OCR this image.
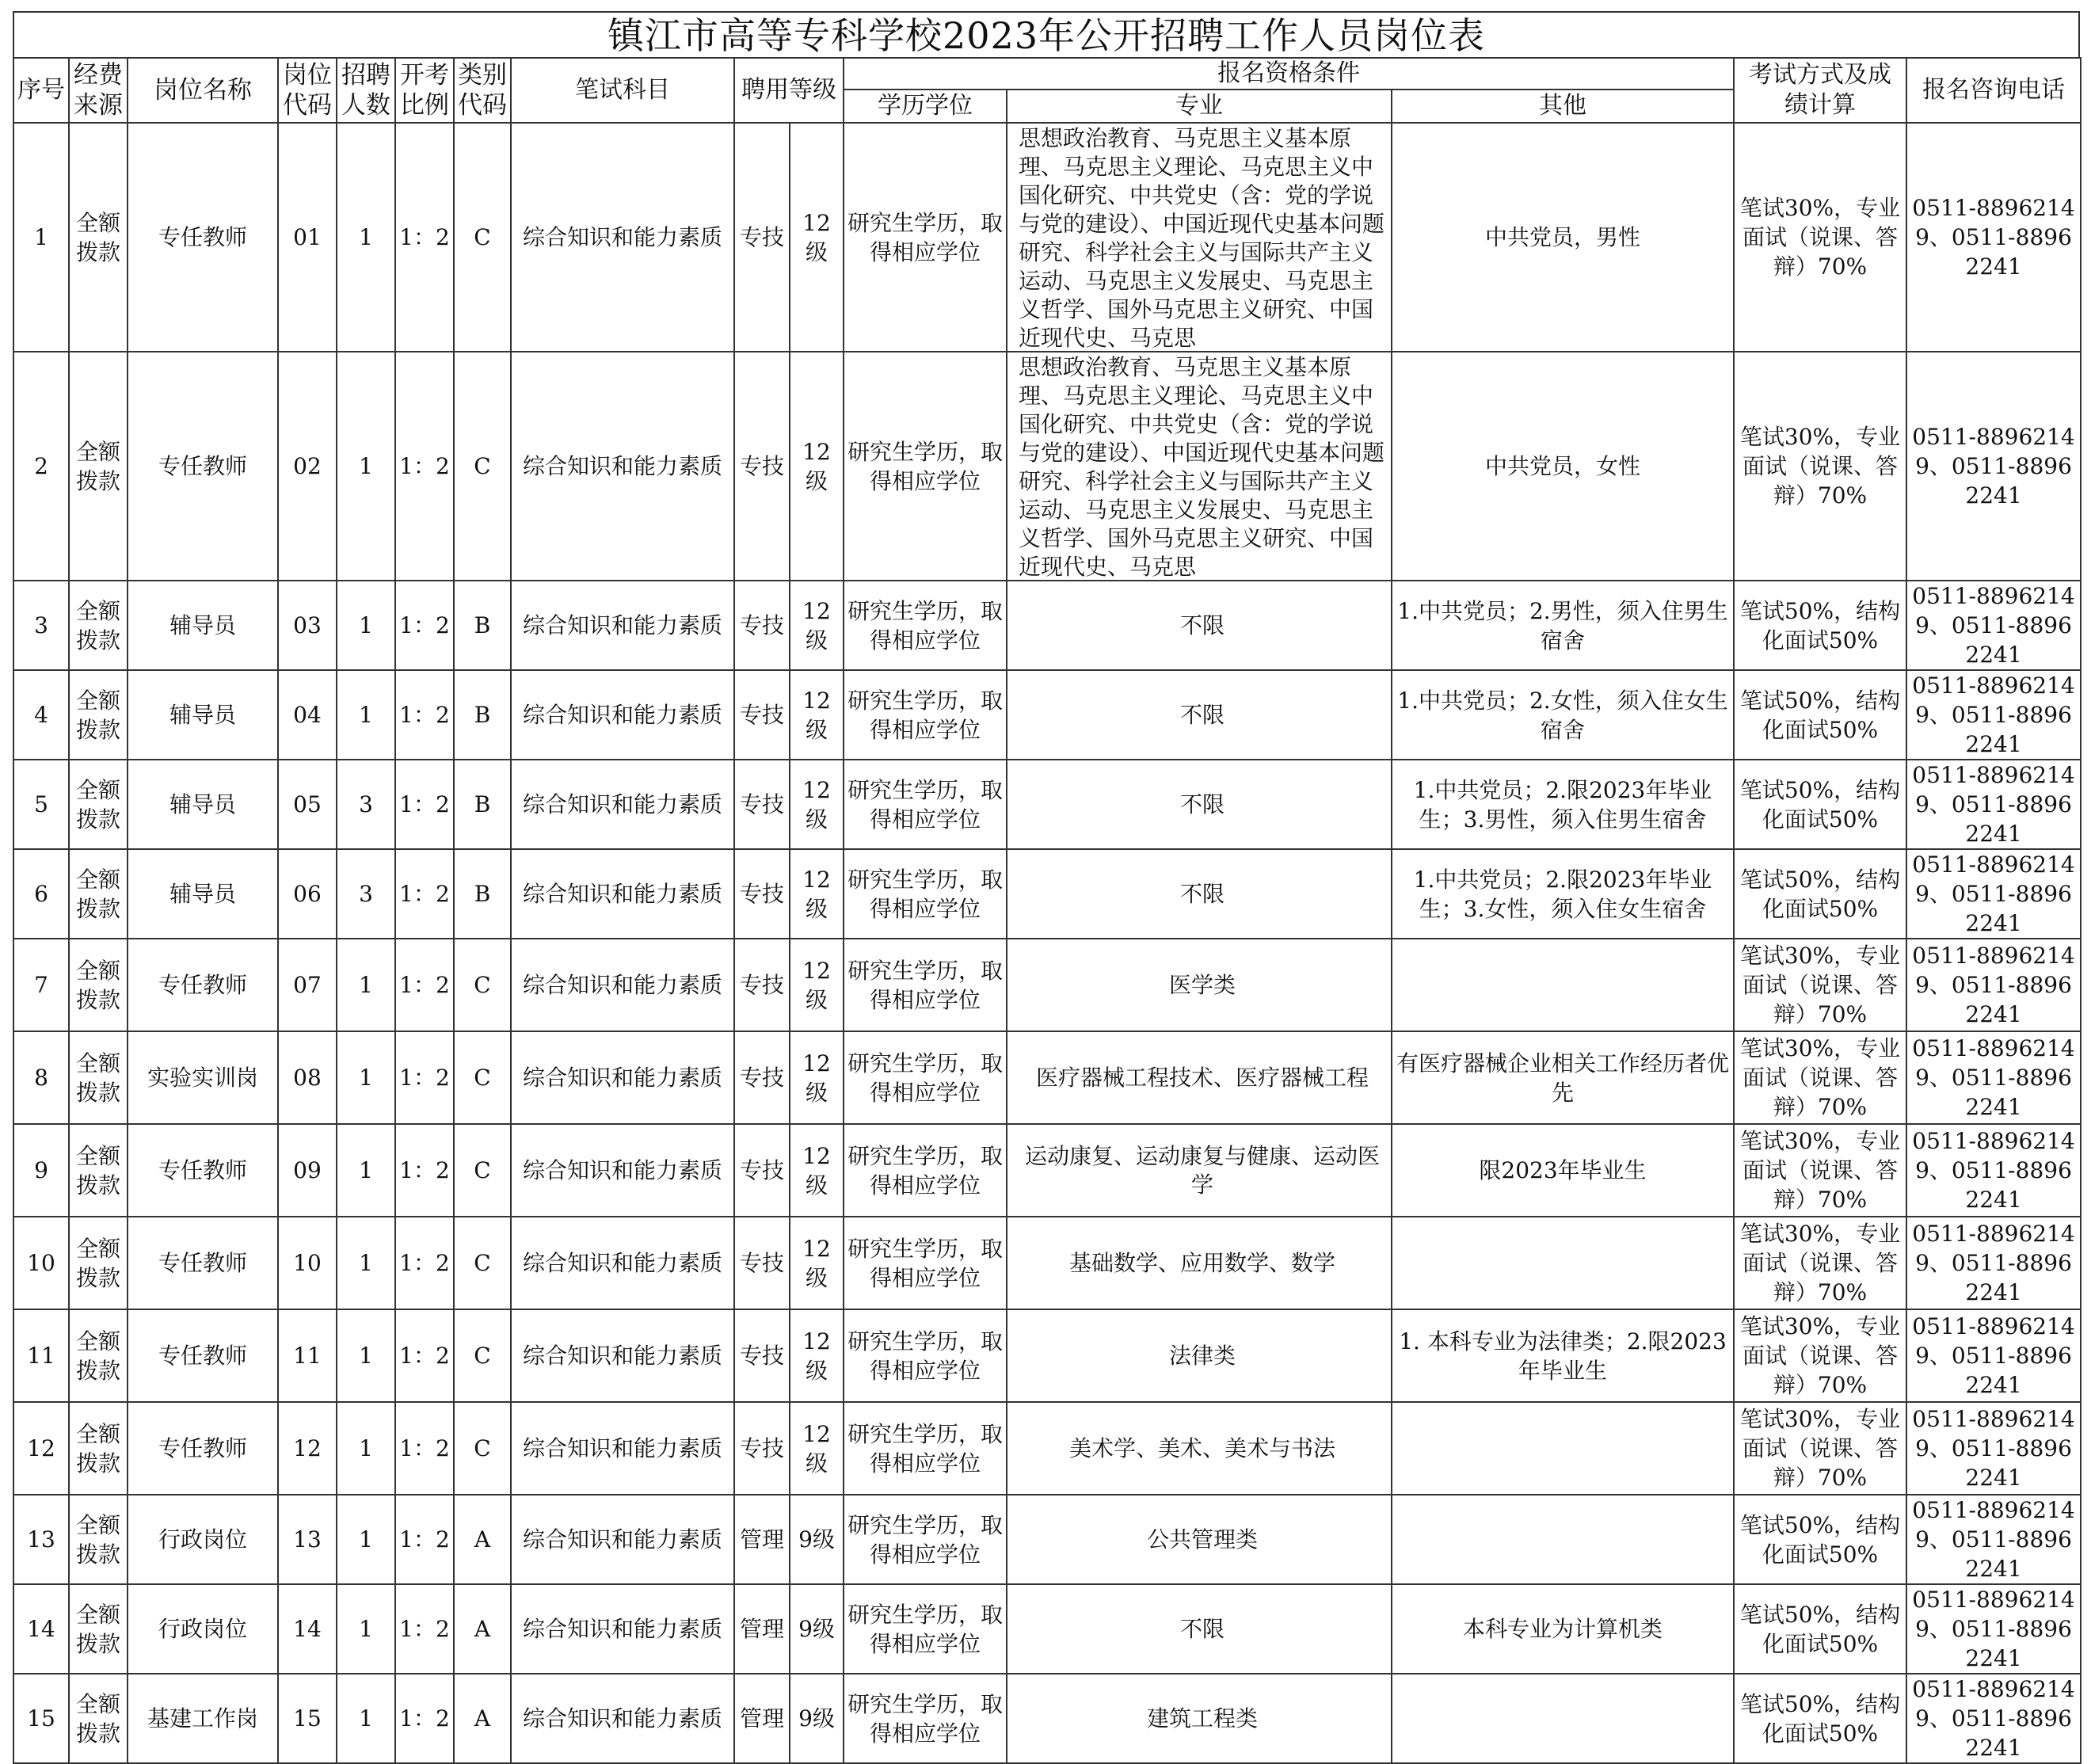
镇江市高等专科学校2023年公开招聘工作人员岗位表
序号	经费来源	岗位名称	岗位代码	招聘人数	开考比例	类别代码	笔试科目	聘用等级		报名资格条件			考试方式及成绩计算	报名咨询电话
										学历学位	专业	其他		
1	全额拨款	专任教师	01	1	1：2	C	综合知识和能力素质	专技	12级	研究生学历，取得相应学位	思想政治教育、马克思主义基本原理、马克思主义理论、马克思主义中国化研究、中共党史（含：党的学说与党的建设）、中国近现代史基本问题研究、科学社会主义与国际共产主义运动、马克思主义发展史、马克思主义哲学、国外马克思主义研究、中国近现代史、马克思	中共党员，男性	笔试30%，专业面试（说课、答辩）70%	0511-88962149、0511-88962241
2	全额拨款	专任教师	02	1	1：2	C	综合知识和能力素质	专技	12级	研究生学历，取得相应学位	思想政治教育、马克思主义基本原理、马克思主义理论、马克思主义中国化研究、中共党史（含：党的学说与党的建设）、中国近现代史基本问题研究、科学社会主义与国际共产主义运动、马克思主义发展史、马克思主义哲学、国外马克思主义研究、中国近现代史、马克思	中共党员，女性	笔试30%，专业面试（说课、答辩）70%	0511-88962149、0511-88962241
3	全额拨款	辅导员	03	1	1：2	B	综合知识和能力素质	专技	12级	研究生学历，取得相应学位	不限	1.中共党员；2.男性，须入住男生宿舍	笔试50%，结构化面试50%	0511-88962149、0511-88962241
4	全额拨款	辅导员	04	1	1：2	B	综合知识和能力素质	专技	12级	研究生学历，取得相应学位	不限	1.中共党员；2.女性，须入住女生宿舍	笔试50%，结构化面试50%	0511-88962149、0511-88962241
5	全额拨款	辅导员	05	3	1：2	B	综合知识和能力素质	专技	12级	研究生学历，取得相应学位	不限	1.中共党员；2.限2023年毕业生；3.男性，须入住男生宿舍	笔试50%，结构化面试50%	0511-88962149、0511-88962241
6	全额拨款	辅导员	06	3	1：2	B	综合知识和能力素质	专技	12级	研究生学历，取得相应学位	不限	1.中共党员；2.限2023年毕业生；3.女性，须入住女生宿舍	笔试50%，结构化面试50%	0511-88962149、0511-88962241
7	全额拨款	专任教师	07	1	1：2	C	综合知识和能力素质	专技	12级	研究生学历，取得相应学位	医学类		笔试30%，专业面试（说课、答辩）70%	0511-88962149、0511-88962241
8	全额拨款	实验实训岗	08	1	1：2	C	综合知识和能力素质	专技	12级	研究生学历，取得相应学位	医疗器械工程技术、医疗器械工程	有医疗器械企业相关工作经历者优先	笔试30%，专业面试（说课、答辩）70%	0511-88962149、0511-88962241
9	全额拨款	专任教师	09	1	1：2	C	综合知识和能力素质	专技	12级	研究生学历，取得相应学位	运动康复、运动康复与健康、运动医学	限2023年毕业生	笔试30%，专业面试（说课、答辩）70%	0511-88962149、0511-88962241
10	全额拨款	专任教师	10	1	1：2	C	综合知识和能力素质	专技	12级	研究生学历，取得相应学位	基础数学、应用数学、数学		笔试30%，专业面试（说课、答辩）70%	0511-88962149、0511-88962241
11	全额拨款	专任教师	11	1	1：2	C	综合知识和能力素质	专技	12级	研究生学历，取得相应学位	法律类	1. 本科专业为法律类；2.限2023年毕业生	笔试30%，专业面试（说课、答辩）70%	0511-88962149、0511-88962241
12	全额拨款	专任教师	12	1	1：2	C	综合知识和能力素质	专技	12级	研究生学历，取得相应学位	美术学、美术、美术与书法		笔试30%，专业面试（说课、答辩）70%	0511-88962149、0511-88962241
13	全额拨款	行政岗位	13	1	1：2	A	综合知识和能力素质	管理	9级	研究生学历，取得相应学位	公共管理类		笔试50%，结构化面试50%	0511-88962149、0511-88962241
14	全额拨款	行政岗位	14	1	1：2	A	综合知识和能力素质	管理	9级	研究生学历，取得相应学位	不限	本科专业为计算机类	笔试50%，结构化面试50%	0511-88962149、0511-88962241
15	全额拨款	基建工作岗	15	1	1：2	A	综合知识和能力素质	管理	9级	研究生学历，取得相应学位	建筑工程类		笔试50%，结构化面试50%	0511-88962149、0511-88962241
